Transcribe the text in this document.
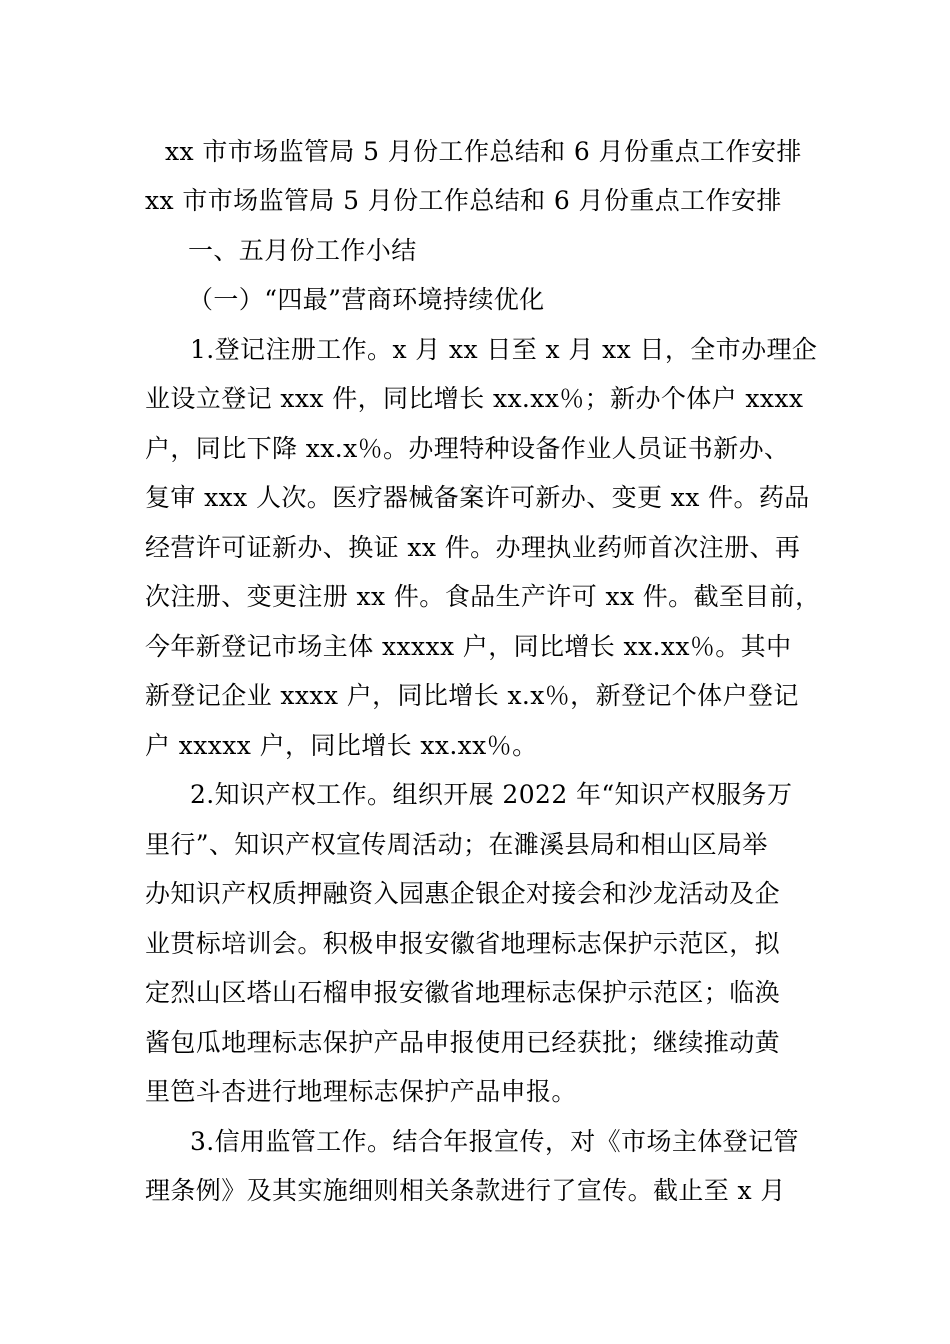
xx 市市场监管局 5 月份工作总结和 6 月份重点工作安排
xx 市市场监管局 5 月份工作总结和 6 月份重点工作安排
一、五月份工作小结
（一）“四最”营商环境持续优化
1.登记注册工作。x 月 xx 日至 x 月 xx 日，全市办理企
业设立登记 xxx 件，同比增长 xx.xx％；新办个体户 xxxx
户，同比下降 xx.x％。办理特种设备作业人员证书新办、
复审 xxx 人次。医疗器械备案许可新办、变更 xx 件。药品
经营许可证新办、换证 xx 件。办理执业药师首次注册、再
次注册、变更注册 xx 件。食品生产许可 xx 件。截至目前，
今年新登记市场主体 xxxxx 户，同比增长 xx.xx％。其中
新登记企业 xxxx 户，同比增长 x.x％，新登记个体户登记
户 xxxxx 户，同比增长 xx.xx％。
2.知识产权工作。组织开展 2022 年“知识产权服务万
里行”、知识产权宣传周活动；在濉溪县局和相山区局举
办知识产权质押融资入园惠企银企对接会和沙龙活动及企
业贯标培训会。积极申报安徽省地理标志保护示范区，拟
定烈山区塔山石榴申报安徽省地理标志保护示范区；临涣
酱包瓜地理标志保护产品申报使用已经获批；继续推动黄
里笆斗杏进行地理标志保护产品申报。
3.信用监管工作。结合年报宣传，对《市场主体登记管
理条例》及其实施细则相关条款进行了宣传。截止至 x 月
